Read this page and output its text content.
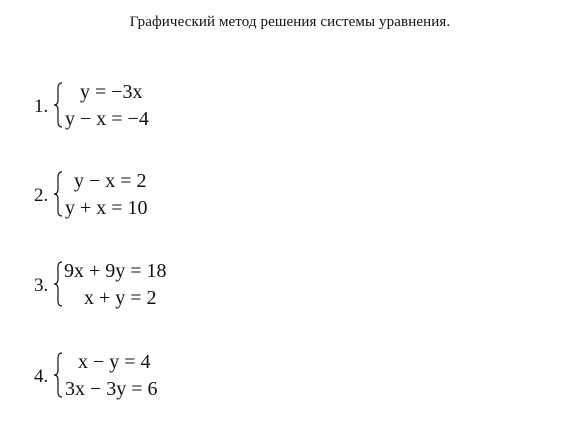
Графический метод решения системы уравнения.
1.
y = −3x
y − x = −4
2.
y − x = 2
y + x = 10
3.
9x + 9y = 18
x + y = 2
4.
x − y = 4
3x − 3y = 6
